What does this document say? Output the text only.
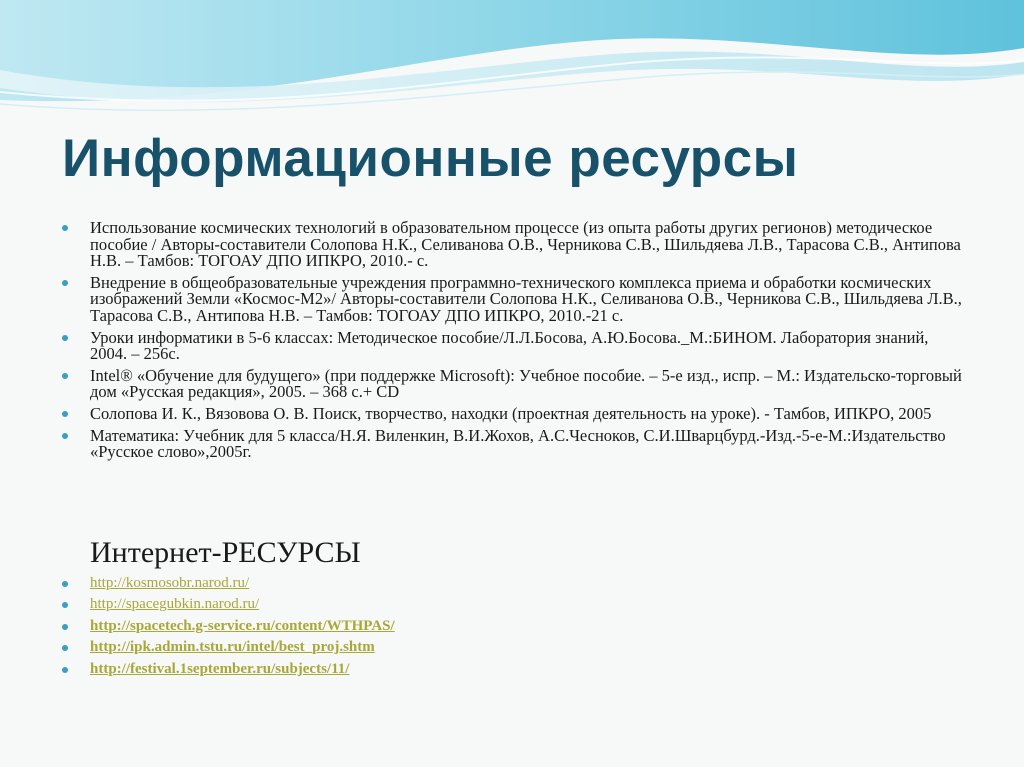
Информационные ресурсы
Использование космических технологий в образовательном процессе (из опыта работы других регионов) методическое пособие / Авторы-составители Солопова Н.К., Селиванова О.В., Черникова С.В., Шильдяева Л.В., Тарасова С.В., Антипова Н.В. – Тамбов: ТОГОАУ ДПО ИПКРО, 2010.- с.
Внедрение в общеобразовательные учреждения программно-технического комплекса приема и обработки космических изображений Земли «Космос-М2»/ Авторы-составители Солопова Н.К., Селиванова О.В., Черникова С.В., Шильдяева Л.В., Тарасова С.В., Антипова Н.В. – Тамбов: ТОГОАУ ДПО ИПКРО, 2010.-21 с.
Уроки информатики в 5-6 классах: Методическое пособие/Л.Л.Босова, А.Ю.Босова._М.:БИНОМ. Лаборатория знаний, 2004. – 256с.
Intel® «Обучение для будущего» (при поддержке Microsoft): Учебное пособие. – 5-е изд., испр. – М.: Издательско-торговый дом «Русская редакция», 2005. – 368 с.+ CD
Солопова И. К., Вязовова О. В. Поиск, творчество, находки (проектная деятельность на уроке). - Тамбов, ИПКРО, 2005
Математика: Учебник для 5 класса/Н.Я. Виленкин, В.И.Жохов, А.С.Чесноков, С.И.Шварцбурд.-Изд.-5-е-М.:Издательство «Русское слово»,2005г.
Интернет-РЕСУРСЫ
http://kosmosobr.narod.ru/
http://spacegubkin.narod.ru/
http://spacetech.g-service.ru/content/WTHPAS/
http://ipk.admin.tstu.ru/intel/best_proj.shtm
http://festival.1september.ru/subjects/11/
